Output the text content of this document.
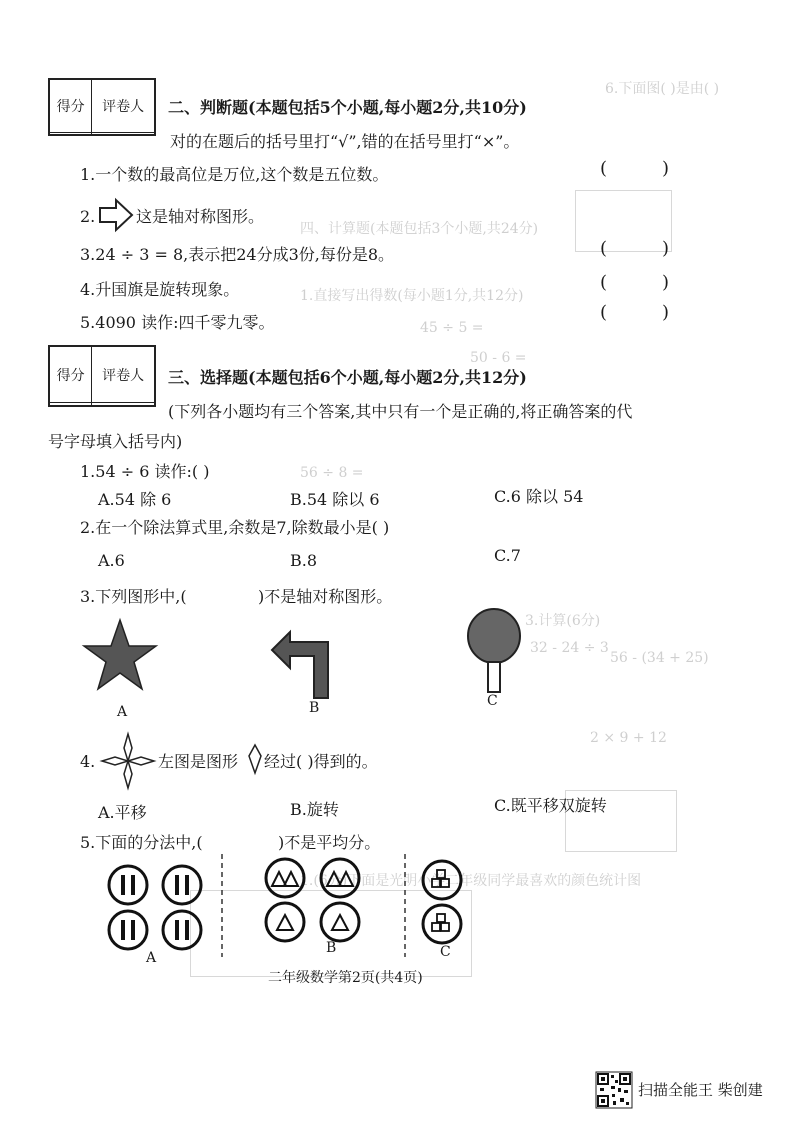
6.下面图( )是由( )
四、计算题(本题包括3个小题,共24分)
1.直接写出得数(每小题1分,共12分)
45 ÷ 5 =
50 - 6 =
56 ÷ 8 =
3.计算(6分)
32 - 24 ÷ 3
56 - (34 + 25)
2 × 9 + 12
1.(6分)下面是光明小学二年级同学最喜欢的颜色统计图
得分	评卷人
	二、判断题(本题包括5个小题,每小题2分,共10分)
对的在题后的括号里打“√”,错的在括号里打“×”。
1.一个数的最高位是万位,这个数是五位数。
2.	这是轴对称图形。
3.24 ÷ 3 = 8,表示把24分成3份,每份是8。
4.升国旗是旋转现象。
5.4090 读作:四千零九零。
(	)
(	)
(	)
(	)
得分	评卷人
	三、选择题(本题包括6个小题,每小题2分,共12分)
(下列各小题均有三个答案,其中只有一个是正确的,将正确答案的代
号字母填入括号内)
1.54 ÷ 6 读作:( )
A.54 除 6	B.54 除以 6	C.6 除以 54
2.在一个除法算式里,余数是7,除数最小是( )
A.6	B.8	C.7
3.下列图形中,(	)不是轴对称图形。
A	B	C
4.	左图是图形 经过( )得到的。
A.平移	B.旋转	C.既平移双旋转
5.下面的分法中,(	)不是平均分。
A
B	C
二年级数学第2页(共4页)
扫描全能王 柴创建
